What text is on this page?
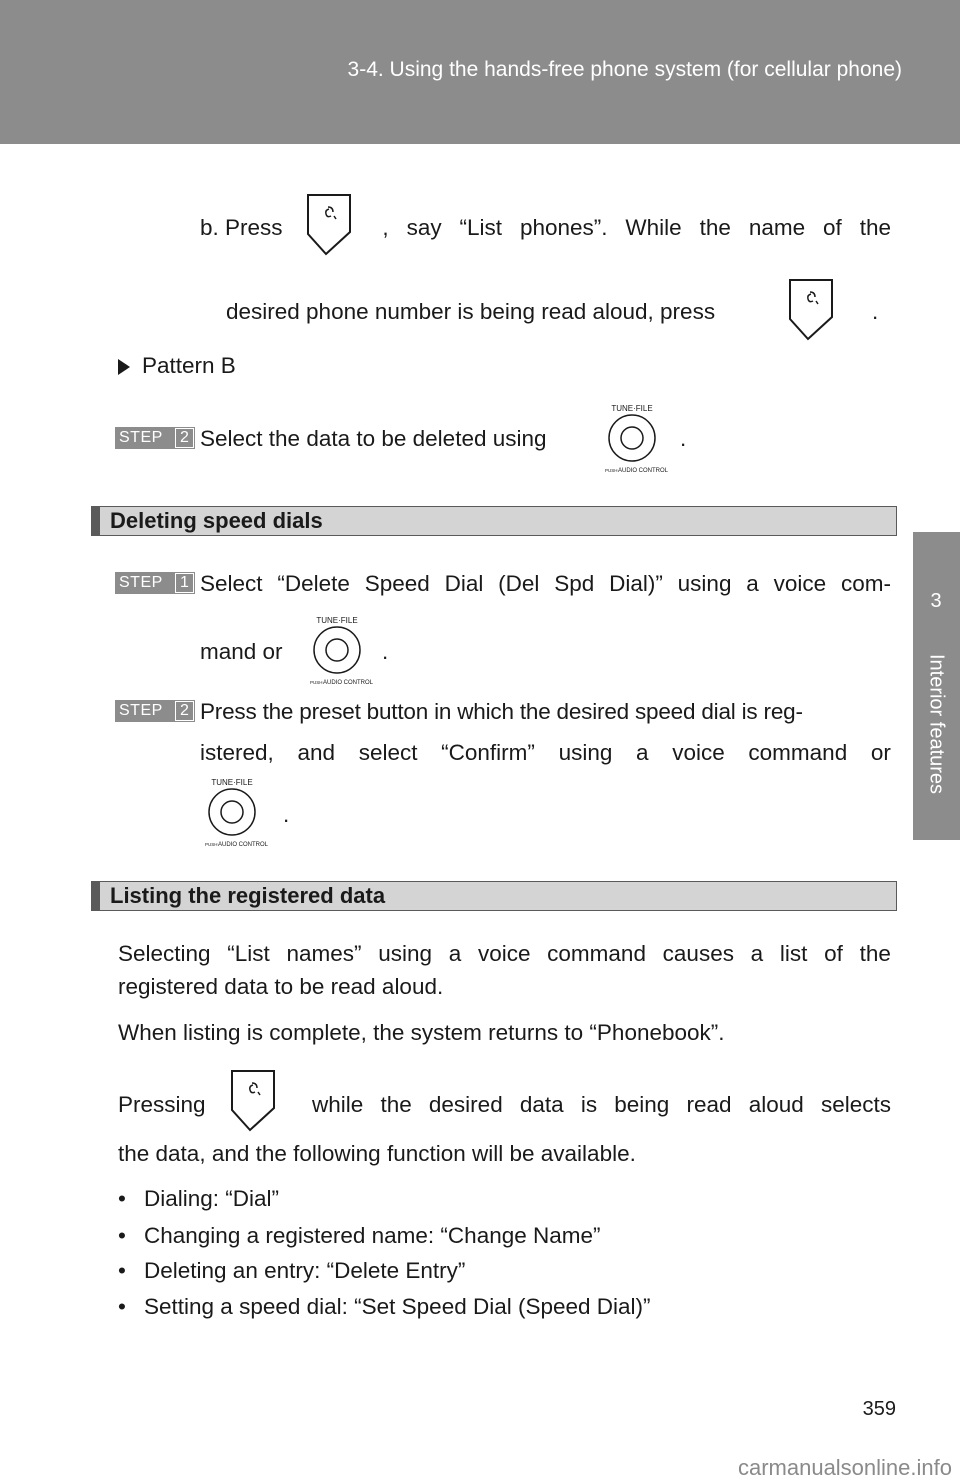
3-4. Using the hands-free phone system (for cellular phone)
3
Interior features
b. Press	, say “List phones”. While the name of the
desired phone number is being read aloud, press	.
Pattern B
STEP	2 Select the data to be deleted using
TUNE·FILE
PUSH AUDIO CONTROL
.
Deleting speed dials
STEP	1 Select “Delete Speed Dial (Del Spd Dial)” using a voice com-
mand or
TUNE·FILE
PUSH AUDIO CONTROL
.
STEP	2 Press the preset button in which the desired speed dial is reg-
istered, and select “Confirm” using a voice command or
TUNE·FILE
PUSH AUDIO CONTROL
.
Listing the registered data
Selecting “List names” using a voice command causes a list of the
registered data to be read aloud.
When listing is complete, the system returns to “Phonebook”.
Pressing	while the desired data is being read aloud selects
the data, and the following function will be available.
• Dialing: “Dial”
• Changing a registered name: “Change Name”
• Deleting an entry: “Delete Entry”
• Setting a speed dial: “Set Speed Dial (Speed Dial)”
359
carmanualsonline.info
